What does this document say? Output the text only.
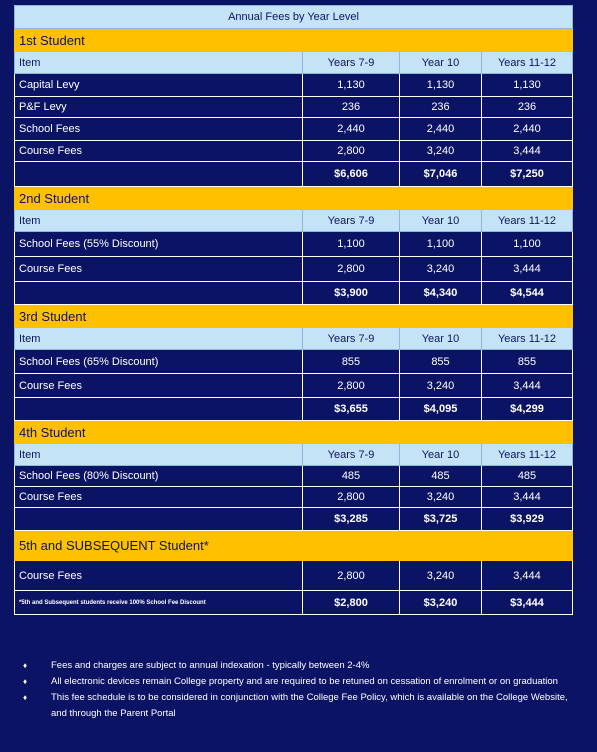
Annual Fees by Year Level			
1st Student			
Item	Years 7-9	Year 10	Years 11-12
Capital Levy	1,130	1,130	1,130
P&F Levy	236	236	236
School Fees	2,440	2,440	2,440
Course Fees	2,800	3,240	3,444
	$6,606	$7,046	$7,250
2nd Student			
Item	Years 7-9	Year 10	Years 11-12
School Fees (55% Discount)	1,100	1,100	1,100
Course Fees	2,800	3,240	3,444
	$3,900	$4,340	$4,544
3rd Student			
Item	Years 7-9	Year 10	Years 11-12
School Fees (65% Discount)	855	855	855
Course Fees	2,800	3,240	3,444
	$3,655	$4,095	$4,299
4th Student			
Item	Years 7-9	Year 10	Years 11-12
School Fees (80% Discount)	485	485	485
Course Fees	2,800	3,240	3,444
	$3,285	$3,725	$3,929
5th and SUBSEQUENT Student*			
Course Fees	2,800	3,240	3,444
*5th and Subsequent students receive 100% School Fee Discount	$2,800	$3,240	$3,444
♦	Fees and charges are subject to annual indexation - typically between 2-4%
♦	All electronic devices remain College property and are required to be retuned on cessation of enrolment or on graduation
♦	This fee schedule is to be considered in conjunction with the College Fee Policy, which is available on the College Website, and through the Parent Portal
